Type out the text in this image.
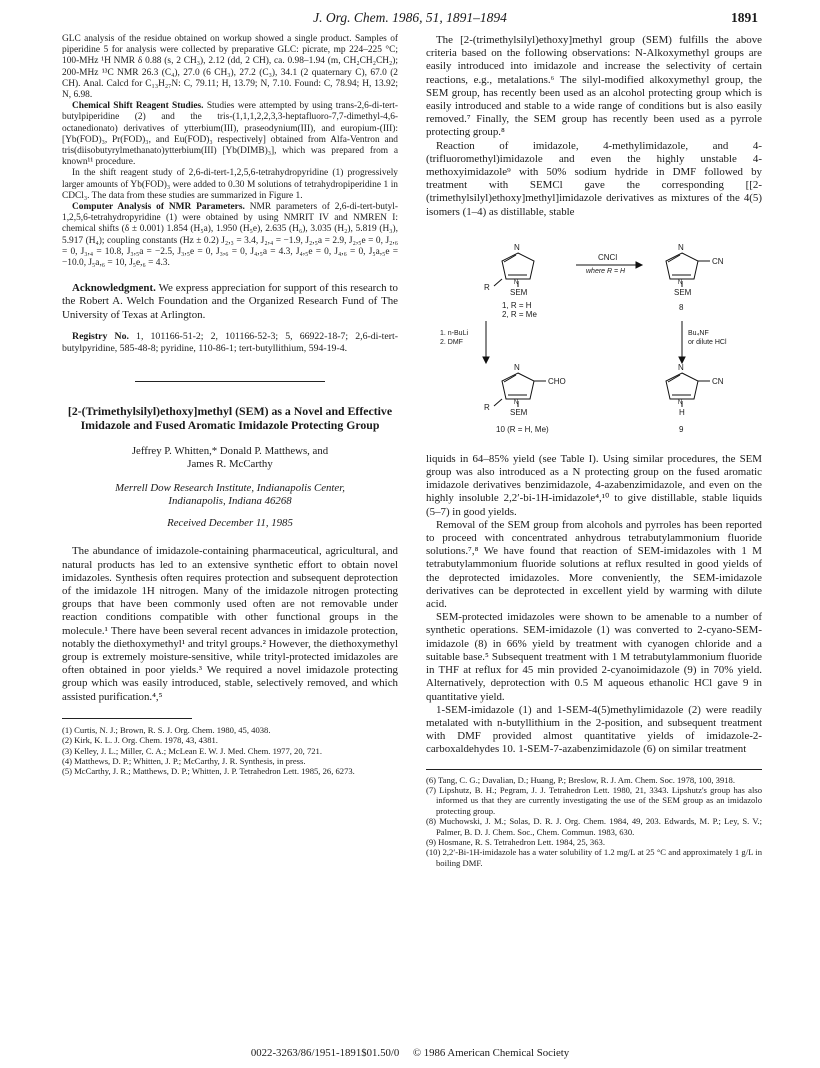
J. Org. Chem. 1986, 51, 1891–1894	1891

GLC analysis of the residue obtained on workup showed a single product. Samples of piperidine 5 for analysis were collected by preparative GLC: picrate, mp 224–225 °C; 100-MHz ¹H NMR δ 0.88 (s, 2 CH₃), 2.12 (dd, 2 CH), ca. 0.98–1.94 (m, CH₂CH₂CH₂); 200-MHz ¹³C NMR 26.3 (C₄), 27.0 (6 CH₃), 27.2 (C₃), 34.1 (2 quaternary C), 67.0 (2 CH). Anal. Calcd for C₁₃H₂₇N: C, 79.11; H, 13.79; N, 7.10. Found: C, 78.94; H, 13.92; N, 6.98.

Chemical Shift Reagent Studies. Studies were attempted by using trans-2,6-di-tert-butylpiperidine (2) and the tris-(1,1,1,2,2,3,3-heptafluoro-7,7-dimethyl-4,6-octanedionato) derivatives of ytterbium(III), praseodynium(III), and europium-(III):[Yb(FOD)₃, Pr(FOD)₃, and Eu(FOD)₃ respectively] obtained from Alfa-Ventron and tris(diisobutyrylmethanato)ytterbium(III) [Yb(DIMB)₃], which was prepared from a known¹¹ procedure.

In the shift reagent study of 2,6-di-tert-1,2,5,6-tetrahydropyridine (1) progressively larger amounts of Yb(FOD)₃ were added to 0.30 M solutions of tetrahydropiperidine 1 in CDCl₃. The data from these studies are summarized in Figure 1.

Computer Analysis of NMR Parameters. NMR parameters of 2,6-di-tert-butyl-1,2,5,6-tetrahydropyridine (1) were obtained by using NMRIT IV and NMREN I: chemical shifts (δ ± 0.001) 1.854 (H₅a), 1.950 (H₅e), 2.635 (H₆), 3.035 (H₂), 5.819 (H₃), 5.917 (H₄); coupling constants (Hz ± 0.2) J₂,₃ = 3.4, J₂,₄ = −1.9, J₂,₅a = 2.9, J₂,₅e = 0, J₂,₆ = 0, J₃,₄ = 10.8, J₃,₅a = −2.5, J₃,₅e = 0, J₃,₆ = 0, J₄,₅a = 4.3, J₄,₅e = 0, J₄,₆ = 0, J₅a,₅e = −10.0, J₅a,₆ = 10, J₅e,₆ = 4.3.

Acknowledgment. We express appreciation for support of this research to the Robert A. Welch Foundation and the Organized Research Fund of The University of Texas at Arlington.

Registry No. 1, 101166-51-2; 2, 101166-52-3; 5, 66922-18-7; 2,6-di-tert-butylpyridine, 585-48-8; pyridine, 110-86-1; tert-butyllithium, 594-19-4.

[2-(Trimethylsilyl)ethoxy]methyl (SEM) as a Novel and Effective Imidazole and Fused Aromatic Imidazole Protecting Group
Jeffrey P. Whitten,* Donald P. Matthews, and
James R. McCarthy
Merrell Dow Research Institute, Indianapolis Center,
Indianapolis, Indiana 46268
Received December 11, 1985

The abundance of imidazole-containing pharmaceutical, agricultural, and natural products has led to an extensive synthetic effort to obtain novel imidazoles. Synthesis often requires protection and subsequent deprotection of the imidazole 1H nitrogen. Many of the imidazole nitrogen protecting groups that have been commonly used often are not removable under reaction conditions compatible with other functional groups in the molecule.¹ There have been several recent advances in imidazole protection, notably the diethoxymethyl¹ and trityl groups.² However, the diethoxymethyl group is extremely moisture-sensitive, while trityl-protected imidazoles are often obtained in poor yields.³ We required a novel imidazole protecting group which was easily introduced, stable, selectively removed, and which assisted purification.⁴,⁵

(1) Curtis, N. J.; Brown, R. S. J. Org. Chem. 1980, 45, 4038.

(2) Kirk, K. L. J. Org. Chem. 1978, 43, 4381.

(3) Kelley, J. L.; Miller, C. A.; McLean E. W. J. Med. Chem. 1977, 20, 721.

(4) Matthews, D. P.; Whitten, J. P.; McCarthy, J. R. Synthesis, in press.

(5) McCarthy, J. R.; Matthews, D. P.; Whitten, J. P. Tetrahedron Lett. 1985, 26, 6273.

The [2-(trimethylsilyl)ethoxy]methyl group (SEM) fulfills the above criteria based on the following observations: N-Alkoxymethyl groups are easily introduced into imidazole and increase the selectivity of certain reactions, e.g., metalations.⁶ The silyl-modified alkoxymethyl group, the SEM group, has recently been used as an alcohol protecting group which is easily introduced and stable to a wide range of conditions but is also easily removed.⁷ Finally, the SEM group has recently been used as a pyrrole protecting group.⁸

Reaction of imidazole, 4-methylimidazole, and 4-(trifluoromethyl)imidazole and even the highly unstable 4-methoxyimidazole⁹ with 50% sodium hydride in DMF followed by treatment with SEMCl gave the corresponding [[2-(trimethylsilyl)ethoxy]methyl]imidazole derivatives as mixtures of the 4(5) isomers (1–4) as distillable, stable

N
R	N
SEM
1, R = H
2, R = Me
CNCl
where R = H
N
CN
N
SEM
8
1. n-BuLi
2. DMF
Bu₄NF
or dilute HCl
N
CHO
R	N
SEM
10 (R = H, Me)
N
CN
N
H
9

liquids in 64–85% yield (see Table I). Using similar procedures, the SEM group was also introduced as a N protecting group on the fused aromatic imidazole derivatives benzimidazole, 4-azabenzimidazole, and even on the highly insoluble 2,2′-bi-1H-imidazole⁴,¹⁰ to give distillable, stable liquids (5–7) in good yields.

Removal of the SEM group from alcohols and pyrroles has been reported to proceed with concentrated anhydrous tetrabutylammonium fluoride solutions.⁷,⁸ We have found that reaction of SEM-imidazoles with 1 M tetrabutylammonium fluoride solutions at reflux resulted in good yields of the deprotected imidazoles. More conveniently, the SEM-imidazole derivatives can be deprotected in excellent yield by warming with dilute acid.

SEM-protected imidazoles were shown to be amenable to a number of synthetic operations. SEM-imidazole (1) was converted to 2-cyano-SEM-imidazole (8) in 66% yield by treatment with cyanogen chloride and a suitable base.⁵ Subsequent treatment with 1 M tetrabutylammonium fluoride in THF at reflux for 45 min provided 2-cyanoimidazole (9) in 70% yield. Alternatively, deprotection with 0.5 M aqueous ethanolic HCl gave 9 in quantitative yield.

1-SEM-imidazole (1) and 1-SEM-4(5)methylimidazole (2) were readily metalated with n-butyllithium in the 2-position, and subsequent treatment with DMF provided almost quantitative yields of imidazole-2-carboxaldehydes 10. 1-SEM-7-azabenzimidazole (6) on similar treatment

(6) Tang, C. G.; Davalian, D.; Huang, P.; Breslow, R. J. Am. Chem. Soc. 1978, 100, 3918.

(7) Lipshutz, B. H.; Pegram, J. J. Tetrahedron Lett. 1980, 21, 3343. Lipshutz's group has also informed us that they are currently investigating the use of the SEM group as an imidazolo protecting group.

(8) Muchowski, J. M.; Solas, D. R. J. Org. Chem. 1984, 49, 203. Edwards, M. P.; Ley, S. V.; Palmer, B. D. J. Chem. Soc., Chem. Commun. 1983, 630.

(9) Hosmane, R. S. Tetrahedron Lett. 1984, 25, 363.

(10) 2,2′-Bi-1H-imidazole has a water solubility of 1.2 mg/L at 25 °C and approximately 1 g/L in boiling DMF.

0022-3263/86/1951-1891$01.50/0 © 1986 American Chemical Society
